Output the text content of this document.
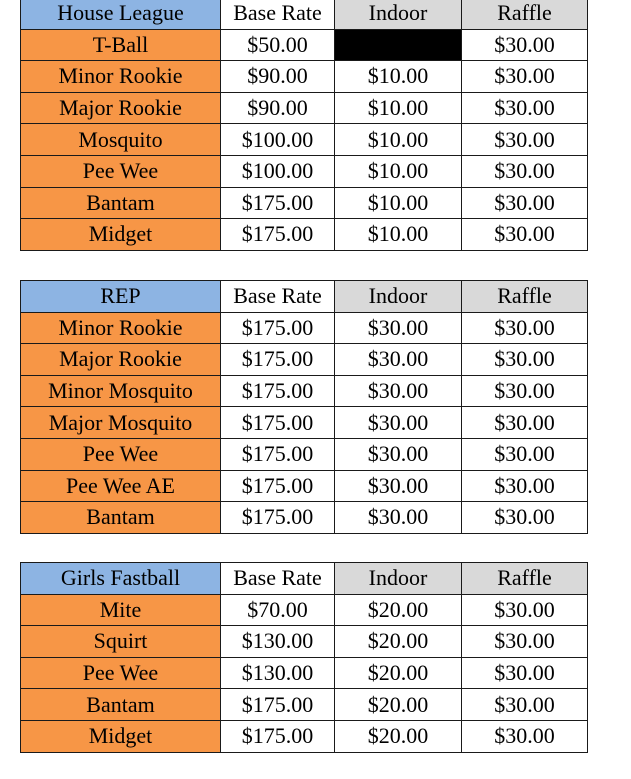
House League	Base Rate	Indoor	Raffle
T-Ball	$50.00		$30.00
Minor Rookie	$90.00	$10.00	$30.00
Major Rookie	$90.00	$10.00	$30.00
Mosquito	$100.00	$10.00	$30.00
Pee Wee	$100.00	$10.00	$30.00
Bantam	$175.00	$10.00	$30.00
Midget	$175.00	$10.00	$30.00
REP	Base Rate	Indoor	Raffle
Minor Rookie	$175.00	$30.00	$30.00
Major Rookie	$175.00	$30.00	$30.00
Minor Mosquito	$175.00	$30.00	$30.00
Major Mosquito	$175.00	$30.00	$30.00
Pee Wee	$175.00	$30.00	$30.00
Pee Wee AE	$175.00	$30.00	$30.00
Bantam	$175.00	$30.00	$30.00
Girls Fastball	Base Rate	Indoor	Raffle
Mite	$70.00	$20.00	$30.00
Squirt	$130.00	$20.00	$30.00
Pee Wee	$130.00	$20.00	$30.00
Bantam	$175.00	$20.00	$30.00
Midget	$175.00	$20.00	$30.00
